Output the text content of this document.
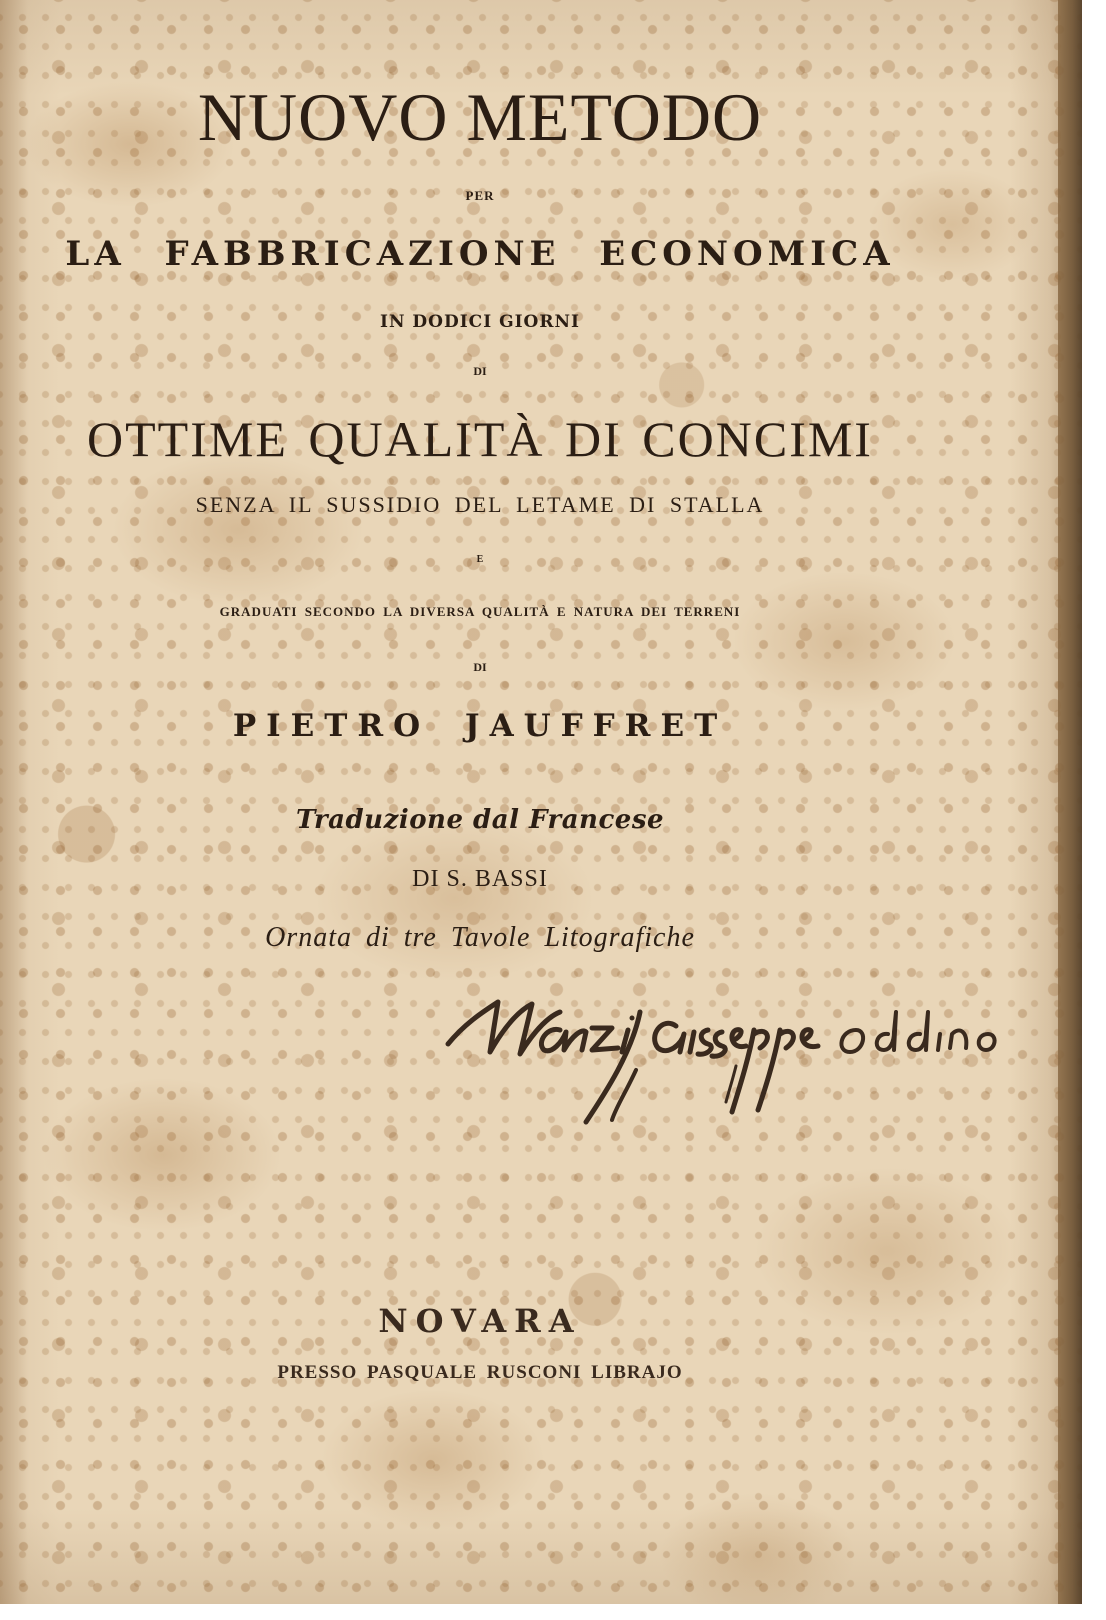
NUOVO METODO
PER
LA FABBRICAZIONE ECONOMICA
IN DODICI GIORNI
DI
OTTIME QUALITÀ DI CONCIMI
SENZA IL SUSSIDIO DEL LETAME DI STALLA
E
GRADUATI SECONDO LA DIVERSA QUALITÀ E NATURA DEI TERRENI
DI
PIETRO JAUFFRET
Traduzione dal Francese
DI S. BASSI
Ornata di tre Tavole Litografiche
NOVARA
PRESSO PASQUALE RUSCONI LIBRAJO
